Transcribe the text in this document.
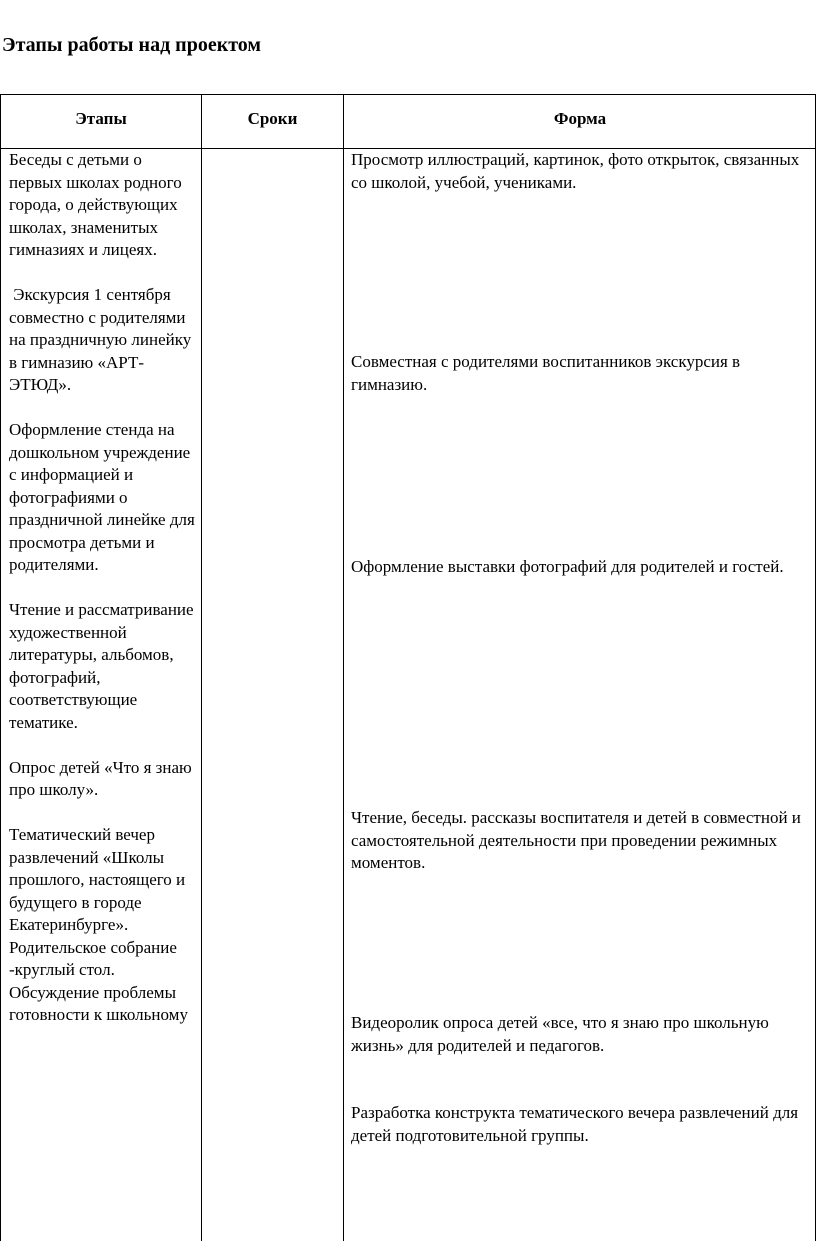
Этапы работы над проектом
Этапы	Сроки	Форма

Беседы с детьми о первых школах родного города, о действующих школах, знаменитых гимназиях и лицеях.

Экскурсия 1 сентября совместно с родителями на праздничную линейку в гимназию «АРТ-ЭТЮД».

Оформление стенда на дошкольном учреждение с информацией и фотографиями о праздничной линейке для просмотра детьми и родителями.

Чтение и рассматривание художественной литературы, альбомов, фотографий, соответствующие тематике.

Опрос детей «Что я знаю про школу».

Тематический вечер развлечений «Школы прошлого, настоящего и будущего в городе Екатеринбурге».

Родительское собрание -круглый стол. Обсуждение проблемы готовности к школьному

Просмотр иллюстраций, картинок, фото открыток, связанных со школой, учебой, учениками.
Совместная с родителями воспитанников экскурсия в гимназию.
Оформление выставки фотографий для родителей и гостей.
Чтение, беседы. рассказы воспитателя и детей в совместной и самостоятельной деятельности при проведении режимных моментов.
Видеоролик опроса детей «все, что я знаю про школьную жизнь» для родителей и педагогов.
Разработка конструкта тематического вечера развлечений для детей подготовительной группы.
